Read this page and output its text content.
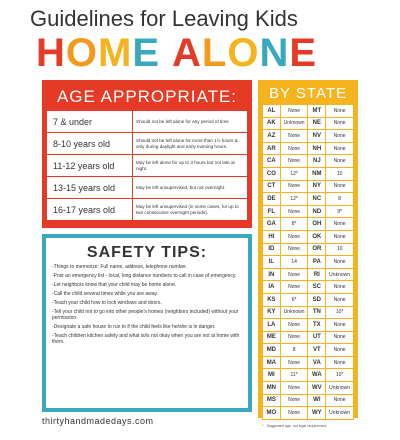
Guidelines for Leaving Kids
HOME ALONE
AGE APPROPRIATE:
7 & under	Should not be left alone for any period of time
8-10 years old	Should not be left alone for more than 1½ hours & only during daylight and early evening hours.
11-12 years old	May be left alone for up to 3 hours but not late at night.
13-15 years old	May be left unsupervised, but not overnight.
16-17 years old	May be left unsupervised (in some cases, for up to two consecutive overnight periods).
SAFETY TIPS:
-Things to memorize: Full name, address, telephone number.
-Post an emergency list - local, long distance numbers to call in case of emergency.
-Let neighbors know that your child may be home alone.
-Call the child several times while you are away.
-Teach your child how to lock windows and doors.
-Tell your child not to go into other people's homes (neighbors included) without your permission.
-Designate a safe house to run to if the child feels like he/she is in danger.
-Teach children kitchen safety and what is/is not okay when you are not at home with them.
BY STATE
AL	None	MT	None
AK	Unknown	NE	None
AZ	None	NV	None
AR	None	NH	None
CA	None	NJ	None
CO	12*	NM	10
CT	None	NY	None
DE	12*	NC	8
FL	None	ND	9*
GA	8*	OH	None
HI	None	OK	None
ID	None	OR	10
IL	14	PA	None
IN	None	RI	Unknown
IA	None	SC	None
KS	6*	SD	None
KY	Unknown	TN	10*
LA	None	TX	None
ME	None	UT	None
MD	8	VT	None
MA	None	VA	None
MI	11*	WA	10*
MN	None	WV	Unknown
MS	None	WI	None
MO	None	WY	Unknown
thirtyhandmadedays.com	* - Suggested age, not legal requirement
